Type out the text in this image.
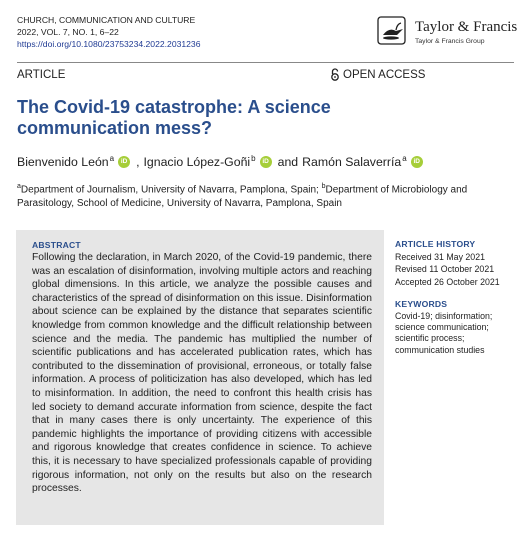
CHURCH, COMMUNICATION AND CULTURE
2022, VOL. 7, NO. 1, 6–22
https://doi.org/10.1080/23753234.2022.2031236
Taylor & Francis
Taylor & Francis Group
ARTICLE	OPEN ACCESS
The Covid-19 catastrophe: A science communication mess?
Bienvenido León$^a$	iD , Ignacio López-Goñi$^b$	iD and Ramón Salaverría$^a$	iD
$^a$Department of Journalism, University of Navarra, Pamplona, Spain; $^b$Department of Microbiology and Parasitology, School of Medicine, University of Navarra, Pamplona, Spain
ABSTRACT

Following the declaration, in March 2020, of the Covid-19 pandemic, there was an escalation of disinformation, involving multiple actors and reaching global dimensions. In this article, we analyze the possible causes and characteristics of the spread of disinformation on this issue. Disinformation about science can be explained by the distance that separates scientific knowledge from common knowledge and the difficult relationship between science and the media. The pandemic has multiplied the number of scientific publications and has accelerated publication rates, which has contributed to the dissemination of provisional, erroneous, or totally false information. A process of politicization has also developed, which has led to misinformation. In addition, the need to confront this health crisis has led society to demand accurate information from science, despite the fact that in many cases there is only uncertainty. The experience of this pandemic highlights the importance of providing citizens with accessible and rigorous knowledge that creates confidence in science. To achieve this, it is necessary to have specialized professionals capable of providing rigorous information, not only on the results but also on the research processes.

ARTICLE HISTORY
Received 31 May 2021
Revised 11 October 2021
Accepted 26 October 2021
KEYWORDS
Covid-19; disinformation;
science communication;
scientific process;
communication studies
